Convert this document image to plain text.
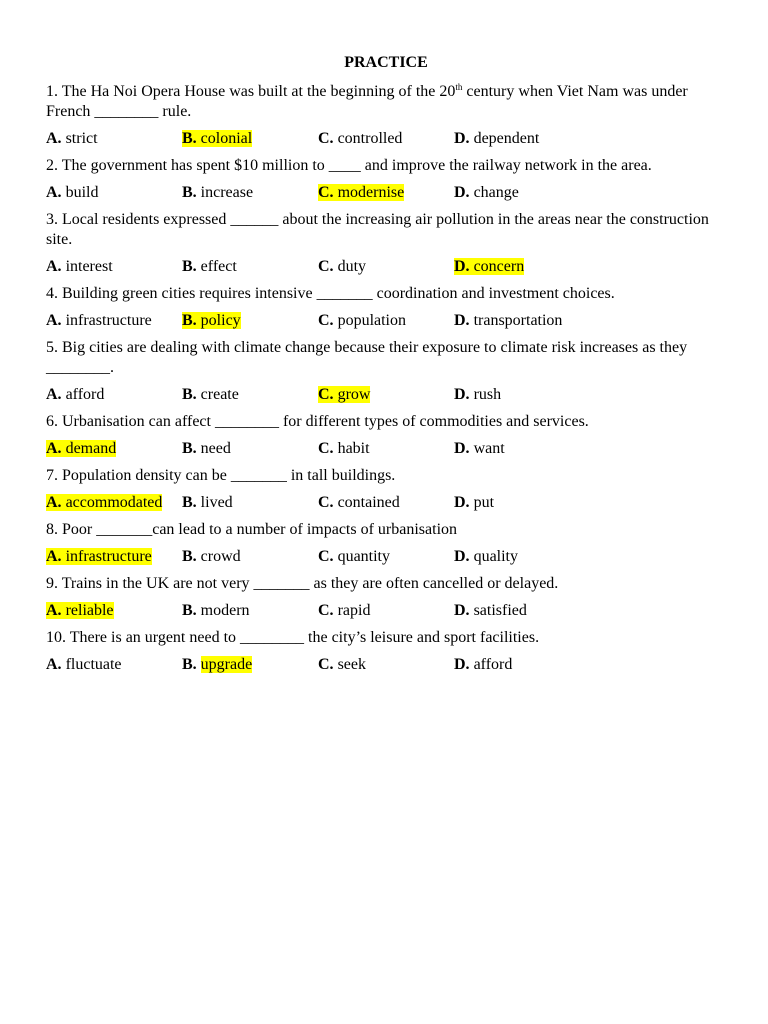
PRACTICE
1. The Ha Noi Opera House was built at the beginning of the 20th century when Viet Nam was under French ________ rule.
A. strict	B. colonial	C. controlled	D. dependent
2. The government has spent $10 million to ____ and improve the railway network in the area.
A. build	B. increase	C. modernise	D. change
3. Local residents expressed ______ about the increasing air pollution in the areas near the construction site.
A. interest	B. effect	C. duty	D. concern
4. Building green cities requires intensive _______ coordination and investment choices.
A. infrastructure	B. policy	C. population	D. transportation
5. Big cities are dealing with climate change because their exposure to climate risk increases as they ________.
A. afford	B. create	C. grow	D. rush
6. Urbanisation can affect ________ for different types of commodities and services.
A. demand	B. need	C. habit	D. want
7. Population density can be _______ in tall buildings.
A. accommodated	B. lived	C. contained	D. put
8. Poor _______can lead to a number of impacts of urbanisation
A. infrastructure	B. crowd	C. quantity	D. quality
9. Trains in the UK are not very _______ as they are often cancelled or delayed.
A. reliable	B. modern	C. rapid	D. satisfied
10. There is an urgent need to ________ the city’s leisure and sport facilities.
A. fluctuate	B. upgrade	C. seek	D. afford
